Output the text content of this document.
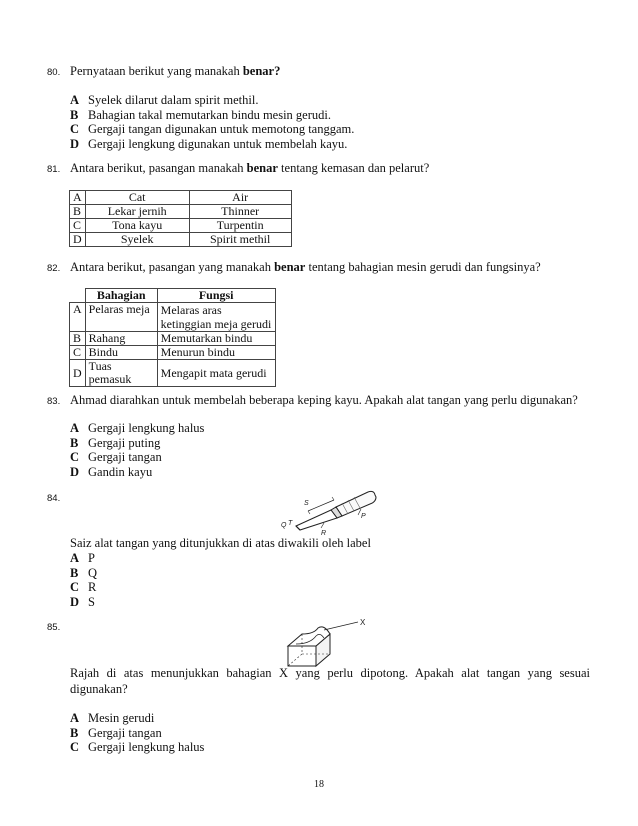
80. Pernyataan berikut yang manakah benar?
A Syelek dilarut dalam spirit methil.
B Bahagian takal memutarkan bindu mesin gerudi.
C Gergaji tangan digunakan untuk memotong tanggam.
D Gergaji lengkung digunakan untuk membelah kayu.
81. Antara berikut, pasangan manakah benar tentang kemasan dan pelarut?
A	Cat	Air
B	Lekar jernih	Thinner
C	Tona kayu	Turpentin
D	Syelek	Spirit methil
82. Antara berikut, pasangan yang manakah benar tentang bahagian mesin gerudi dan fungsinya?
	Bahagian	Fungsi
A	Pelaras meja	Melaras aras ketinggian meja gerudi
B	Rahang	Memutarkan bindu
C	Bindu	Menurun bindu
D	Tuas pemasuk	Mengapit mata gerudi
83. Ahmad diarahkan untuk membelah beberapa keping kayu. Apakah alat tangan yang perlu digunakan?
A Gergaji lengkung halus
B Gergaji puting
C Gergaji tangan
D Gandin kayu
84.	S
Q T
R
P
Saiz alat tangan yang ditunjukkan di atas diwakili oleh label
A P
B Q
C R
D S
85.	X
Rajah di atas menunjukkan bahagian X yang perlu dipotong. Apakah alat tangan yang sesuai digunakan?
A Mesin gerudi
B Gergaji tangan
C Gergaji lengkung halus
18
